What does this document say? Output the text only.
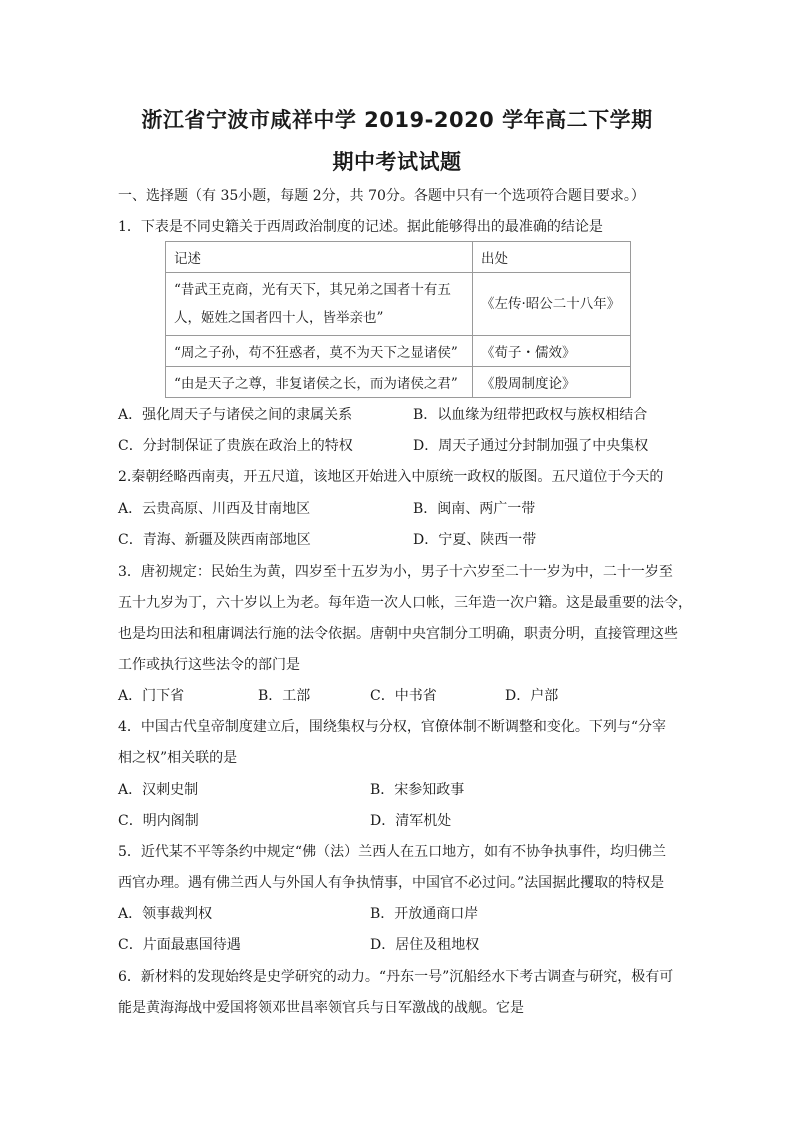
浙江省宁波市咸祥中学 2019-2020 学年高二下学期
期中考试试题
一、选择题（有 35小题，每题 2分，共 70分。各题中只有一个选项符合题目要求。）
1．下表是不同史籍关于西周政治制度的记述。据此能够得出的最准确的结论是
记述	出处

“昔武王克商，光有天下，其兄弟之国者十有五
人，姬姓之国者四十人，皆举亲也”	《左传·昭公二十八年》
“周之子孙，苟不狂惑者，莫不为天下之显诸侯”	《荀子・儒效》
“由是天子之尊，非复诸侯之长，而为诸侯之君”	《殷周制度论》
A．强化周天子与诸侯之间的隶属关系	B．以血缘为纽带把政权与族权相结合
C．分封制保证了贵族在政治上的特权	D．周天子通过分封制加强了中央集权
2.秦朝经略西南夷，开五尺道，该地区开始进入中原统一政权的版图。五尺道位于今天的
A．云贵高原、川西及甘南地区	B．闽南、两广一带
C．青海、新疆及陕西南部地区	D．宁夏、陕西一带
3．唐初规定：民始生为黄，四岁至十五岁为小，男子十六岁至二十一岁为中，二十一岁至
五十九岁为丁，六十岁以上为老。每年造一次人口帐，三年造一次户籍。这是最重要的法令，
也是均田法和租庸调法行施的法令依据。唐朝中央宫制分工明确，职责分明，直接管理这些
工作或执行这些法令的部门是
A．门下省	B．工部	C．中书省	D．户部
4．中国古代皇帝制度建立后，围绕集权与分权，官僚体制不断调整和变化。下列与“分宰
相之权”相关联的是
A．汉刺史制	B．宋参知政事
C．明内阁制	D．清军机处
5．近代某不平等条约中规定“佛（法）兰西人在五口地方，如有不协争执事件，均归佛兰
西官办理。遇有佛兰西人与外国人有争执情事，中国官不必过问。”法国据此攫取的特权是
A．领事裁判权	B．开放通商口岸
C．片面最惠国待遇	D．居住及租地权
6．新材料的发现始终是史学研究的动力。“丹东一号”沉船经水下考古调查与研究，极有可
能是黄海海战中爱国将领邓世昌率领官兵与日军激战的战舰。它是
